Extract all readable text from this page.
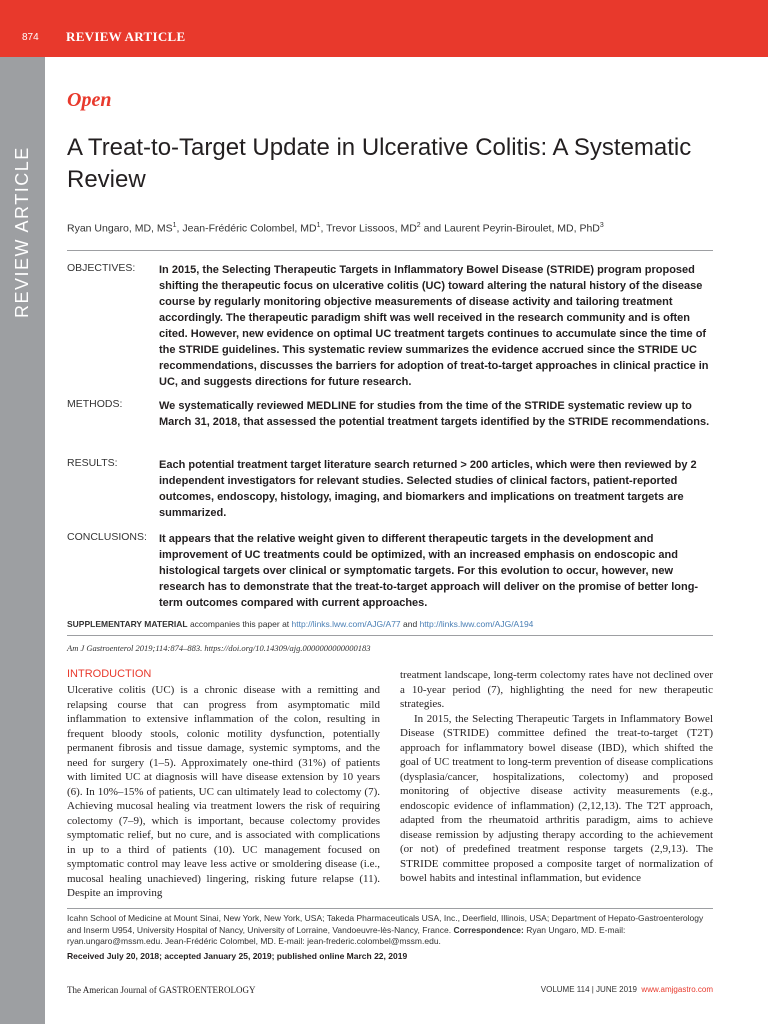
874 REVIEW ARTICLE
REVIEW ARTICLE
Open
A Treat-to-Target Update in Ulcerative Colitis: A Systematic Review
Ryan Ungaro, MD, $MS^1$, Jean-Frédéric Colombel, $MD^1$, Trevor Lissoos, $MD^2$ and Laurent Peyrin-Biroulet, MD, PhD$^3$
OBJECTIVES:	In 2015, the Selecting Therapeutic Targets in Inflammatory Bowel Disease (STRIDE) program proposed shifting the therapeutic focus on ulcerative colitis (UC) toward altering the natural history of the disease course by regularly monitoring objective measurements of disease activity and tailoring treatment accordingly. The therapeutic paradigm shift was well received in the research community and is often cited. However, new evidence on optimal UC treatment targets continues to accumulate since the time of the STRIDE guidelines. This systematic review summarizes the evidence accrued since the STRIDE UC recommendations, discusses the barriers for adoption of treat-to-target approaches in clinical practice in UC, and suggests directions for future research.
METHODS:	We systematically reviewed MEDLINE for studies from the time of the STRIDE systematic review up to March 31, 2018, that assessed the potential treatment targets identified by the STRIDE recommendations.
RESULTS:	Each potential treatment target literature search returned > 200 articles, which were then reviewed by 2 independent investigators for relevant studies. Selected studies of clinical factors, patient-reported outcomes, endoscopy, histology, imaging, and biomarkers and implications on treatment targets are summarized.
CONCLUSIONS:	It appears that the relative weight given to different therapeutic targets in the development and improvement of UC treatments could be optimized, with an increased emphasis on endoscopic and histological targets over clinical or symptomatic targets. For this evolution to occur, however, new research has to demonstrate that the treat-to-target approach will deliver on the promise of better long-term outcomes compared with current approaches.
SUPPLEMENTARY MATERIAL accompanies this paper at http://links.lww.com/AJG/A77 and http://links.lww.com/AJG/A194
Am J Gastroenterol 2019;114:874–883. https://doi.org/10.14309/ajg.0000000000000183
INTRODUCTION

Ulcerative colitis (UC) is a chronic disease with a remitting and relapsing course that can progress from asymptomatic mild inflammation to extensive inflammation of the colon, resulting in frequent bloody stools, colonic motility dysfunction, potentially permanent fibrosis and tissue damage, systemic symptoms, and the need for surgery (1–5). Approximately one-third (31%) of patients with limited UC at diagnosis will have disease extension by 10 years (6). In 10%–15% of patients, UC can ultimately lead to colectomy (7). Achieving mucosal healing via treatment lowers the risk of requiring colectomy (7–9), which is important, because colectomy provides symptomatic relief, but no cure, and is associated with complications in up to a third of patients (10). UC management focused on symptomatic control may leave less active or smoldering disease (i.e., mucosal healing unachieved) lingering, risking future relapse (11). Despite an improving

treatment landscape, long-term colectomy rates have not declined over a 10-year period (7), highlighting the need for new therapeutic strategies.

In 2015, the Selecting Therapeutic Targets in Inflammatory Bowel Disease (STRIDE) committee defined the treat-to-target (T2T) approach for inflammatory bowel disease (IBD), which shifted the goal of UC treatment to long-term prevention of disease complications (dysplasia/cancer, hospitalizations, colectomy) and proposed monitoring of objective disease activity measurements (e.g., endoscopic evidence of inflammation) (2,12,13). The T2T approach, adapted from the rheumatoid arthritis paradigm, aims to achieve disease remission by adjusting therapy according to the achievement (or not) of predefined treatment response targets (2,9,13). The STRIDE committee proposed a composite target of normalization of bowel habits and intestinal inflammation, but evidence

Icahn School of Medicine at Mount Sinai, New York, New York, USA; Takeda Pharmaceuticals USA, Inc., Deerfield, Illinois, USA; Department of Hepato-Gastroenterology and Inserm U954, University Hospital of Nancy, University of Lorraine, Vandoeuvre-lès-Nancy, France. Correspondence: Ryan Ungaro, MD. E-mail: ryan.ungaro@mssm.edu. Jean-Frédéric Colombel, MD. E-mail: jean-frederic.colombel@mssm.edu.
Received July 20, 2018; accepted January 25, 2019; published online March 22, 2019
The American Journal of GASTROENTEROLOGY	VOLUME 114 | JUNE 2019 www.amjgastro.com
